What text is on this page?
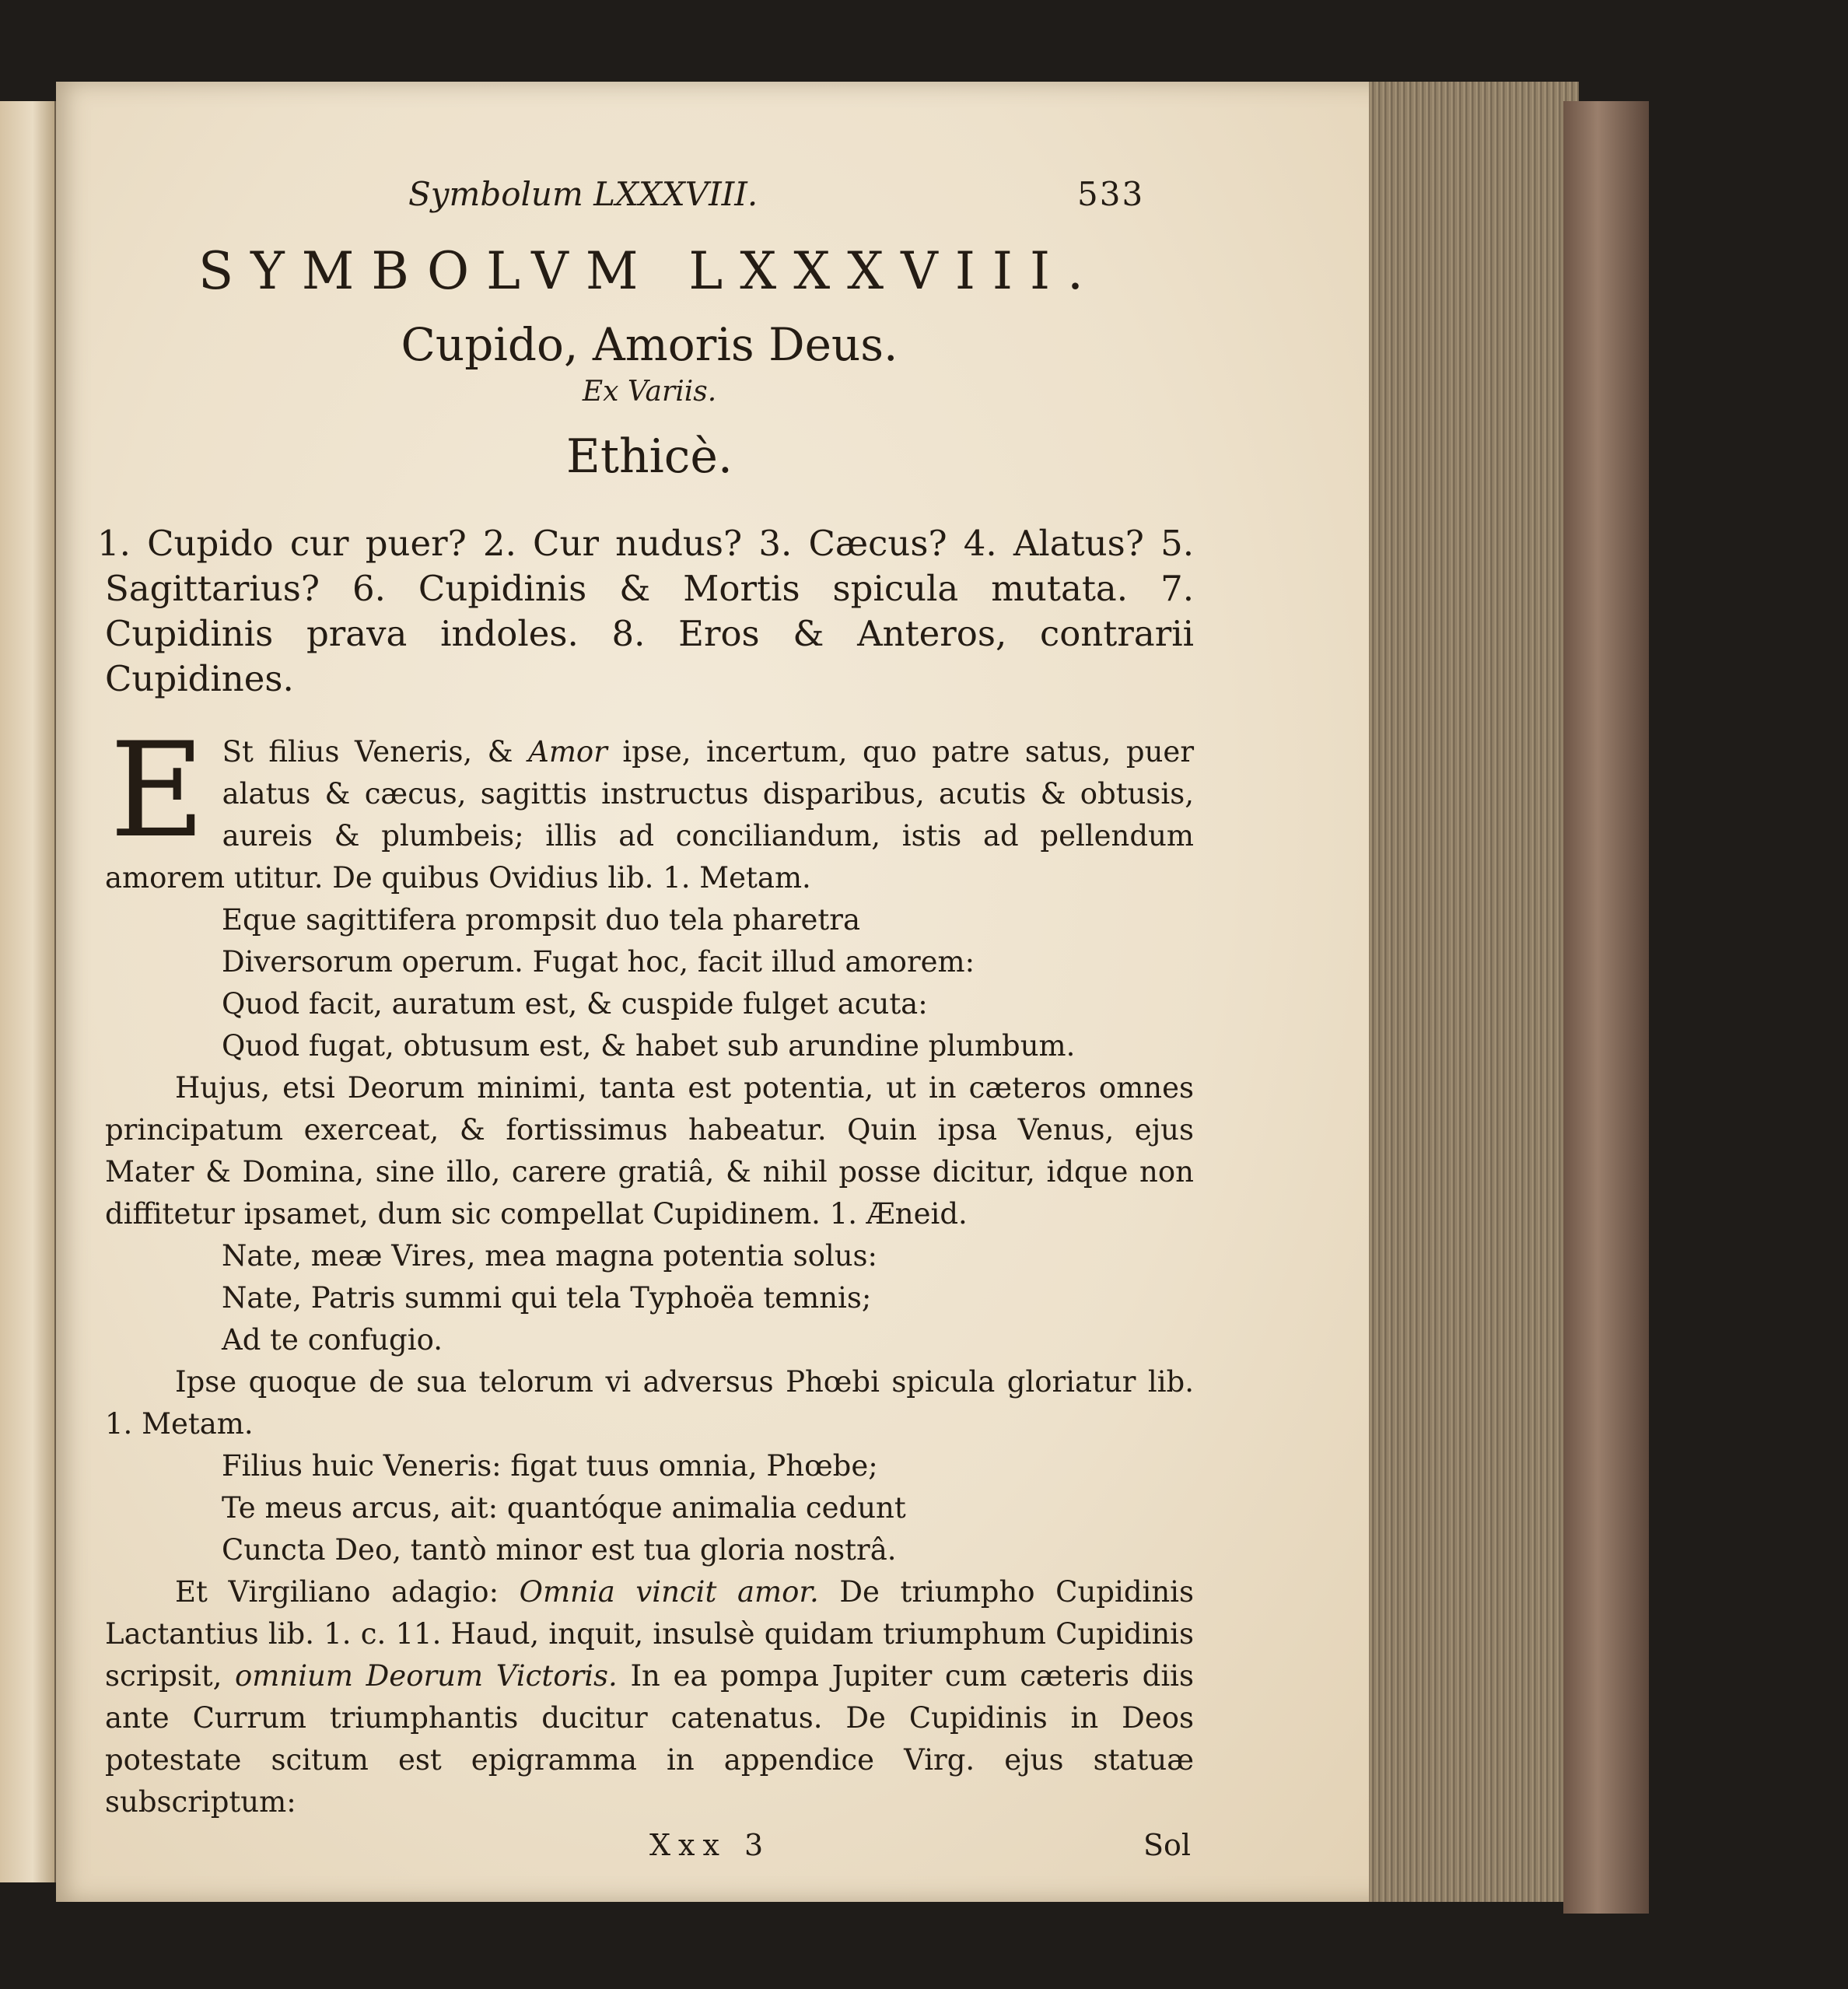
Symbolum LXXXVIII.	533
SYMBOLVM LXXXVIII.
Cupido, Amoris Deus.
Ex Variis.
Ethicè.
1. Cupido cur puer? 2. Cur nudus? 3. Cæcus? 4. Alatus? 5. Sagittarius? 6. Cupidinis & Mortis spicula mutata. 7. Cupidinis prava indoles. 8. Eros & Anteros, contrarii Cupidines.
E St filius Veneris, & Amor ipse, incertum, quo patre satus, puer alatus & cæcus, sagittis instructus disparibus, acutis & obtusis, aureis & plumbeis; illis ad conciliandum, istis ad pellendum amorem utitur. De quibus Ovidius lib. 1. Metam.
Eque sagittifera prompsit duo tela pharetra
Diversorum operum. Fugat hoc, facit illud amorem:
Quod facit, auratum est, & cuspide fulget acuta:
Quod fugat, obtusum est, & habet sub arundine plumbum.
Hujus, etsi Deorum minimi, tanta est potentia, ut in cæteros omnes principatum exerceat, & fortissimus habeatur. Quin ipsa Venus, ejus Mater & Domina, sine illo, carere gratiâ, & nihil posse dicitur, idque non diffitetur ipsamet, dum sic compellat Cupidinem. 1. Æneid.
Nate, meæ Vires, mea magna potentia solus:
Nate, Patris summi qui tela Typhoëa temnis;
Ad te confugio.
Ipse quoque de sua telorum vi adversus Phœbi spicula gloriatur lib. 1. Metam.
Filius huic Veneris: figat tuus omnia, Phœbe;
Te meus arcus, ait: quantóque animalia cedunt
Cuncta Deo, tantò minor est tua gloria nostrâ.
Et Virgiliano adagio: Omnia vincit amor. De triumpho Cupidinis Lactantius lib. 1. c. 11. Haud, inquit, insulsè quidam triumphum Cupidinis scripsit, omnium Deorum Victoris. In ea pompa Jupiter cum cæteris diis ante Currum triumphantis ducitur catenatus. De Cupidinis in Deos potestate scitum est epigramma in appendice Virg. ejus statuæ subscriptum:
Xxx 3	Sol
